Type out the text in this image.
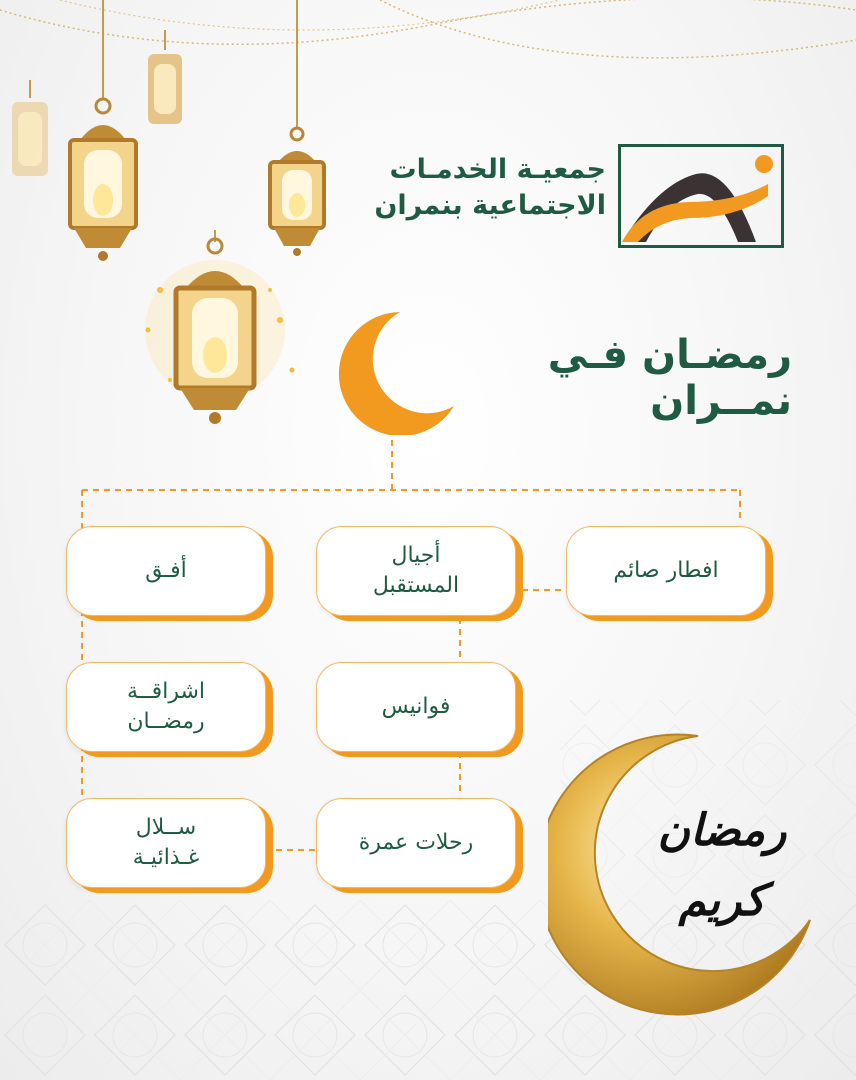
جمعيـة الخدمـات
الاجتماعية بنمران
رمضـان فـي نمــران
افطار صائم
أجيال
المستقبل
أفـق
فوانيس
اشراقــة
رمضــان
رحلات عمرة
ســلال
غـذائيـة
رمضان كريم
